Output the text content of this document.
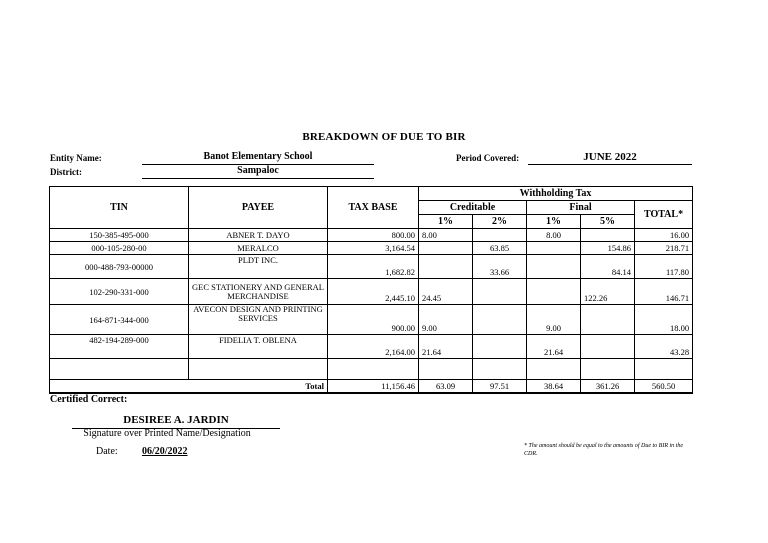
BREAKDOWN OF DUE TO BIR
Entity Name:	Banot Elementary School
District:	Sampaloc
Period Covered:	JUNE 2022
TIN	PAYEE	TAX BASE	Withholding Tax				
			Creditable		Final		TOTAL*
			1%	2%	1%	5%	
150-385-495-000	ABNER T. DAYO	800.00	8.00		8.00		16.00
000-105-280-00	MERALCO	3,164.54		63.85		154.86	218.71
000-488-793-00000	PLDT INC.	1,682.82		33.66		84.14	117.80
102-290-331-000	GEC STATIONERY AND GENERAL MERCHANDISE	2,445.10	24.45			122.26	146.71
164-871-344-000	AVECON DESIGN AND PRINTING SERVICES	900.00	9.00		9.00		18.00
482-194-289-000	FIDELIA T. OBLENA	2,164.00	21.64		21.64		43.28

	Total	11,156.46	63.09	97.51	38.64	361.26	560.50
Certified Correct:
DESIREE A. JARDIN
Signature over Printed Name/Designation
Date: 06/20/2022	* The amount should be equal to the amounts of Due to BIR in the CDR.
